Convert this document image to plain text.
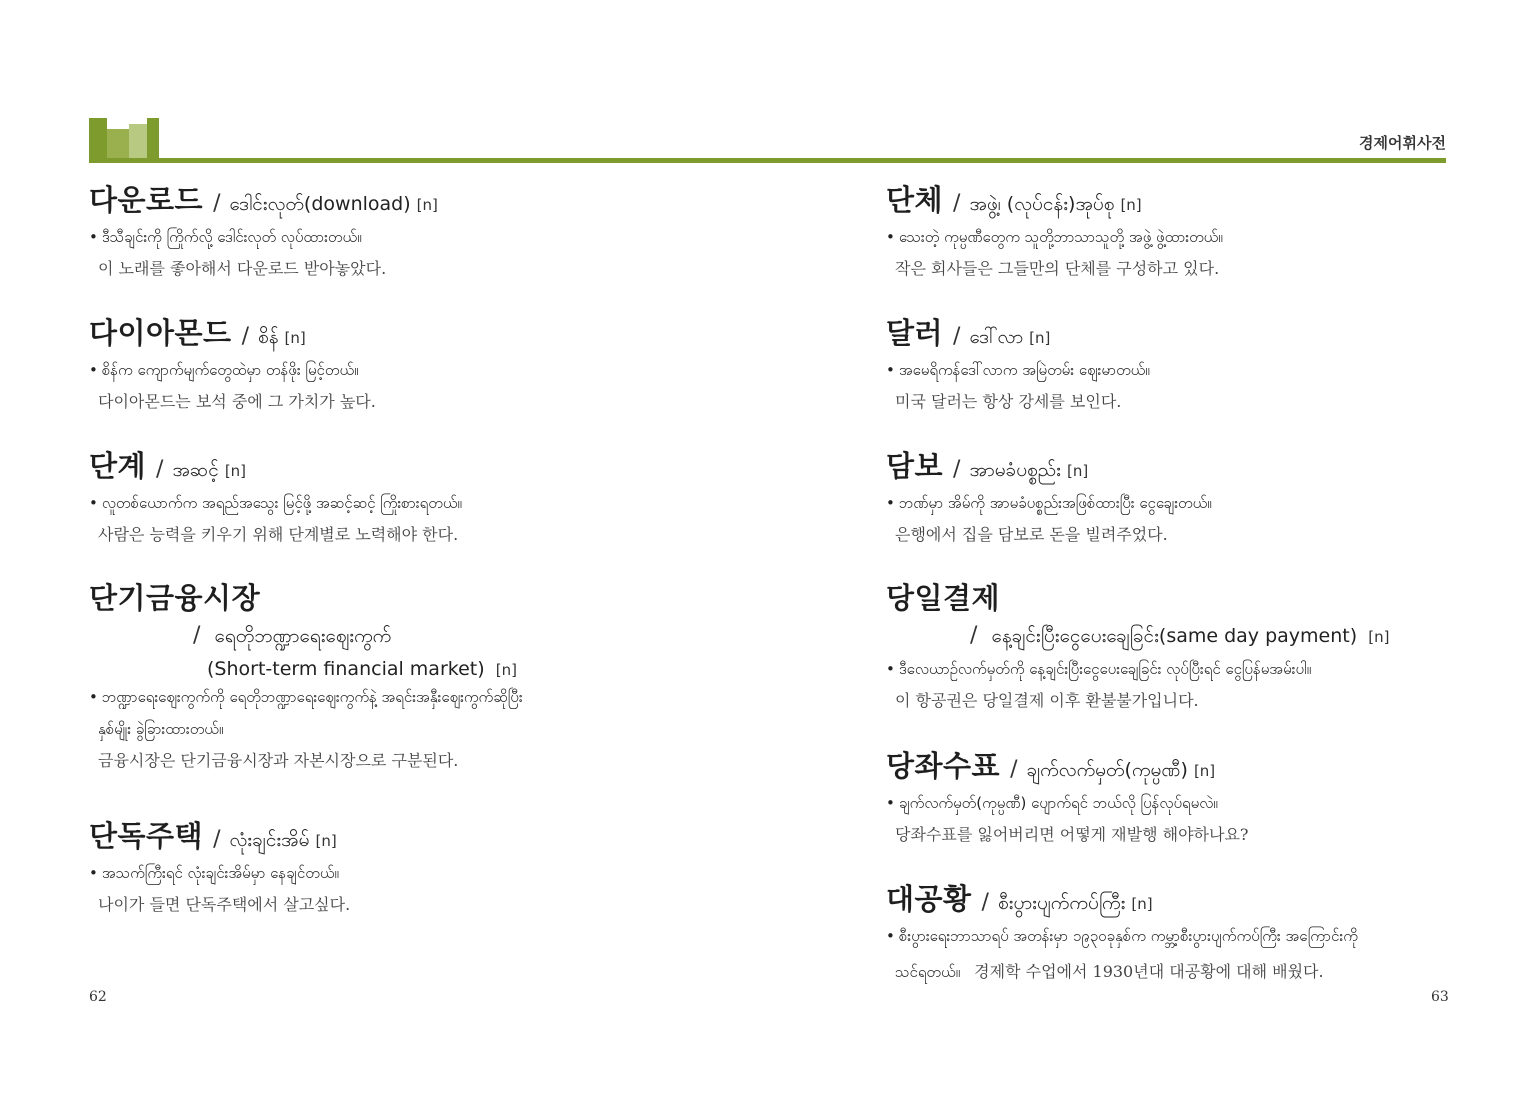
경제어휘사전
다운로드 / ဒေါင်းလုတ်(download) [n]
• ဒီသီချင်းကို ကြိုက်လို့ ဒေါင်းလုတ် လုပ်ထားတယ်။
이 노래를 좋아해서 다운로드 받아놓았다.
다이아몬드 / စိန် [n]
• စိန်က ကျောက်မျက်တွေထဲမှာ တန်ဖိုး မြင့်တယ်။
다이아몬드는 보석 중에 그 가치가 높다.
단계 / အဆင့် [n]
• လူတစ်ယောက်က အရည်အသွေး မြင့်ဖို့ အဆင့်ဆင့် ကြိုးစားရတယ်။
사람은 능력을 키우기 위해 단계별로 노력해야 한다.
단기금융시장
/ ရေတိုဘဏ္ဍာရေးဈေးကွက်
(Short-term financial market) [n]
• ဘဏ္ဍာရေးဈေးကွက်ကို ရေတိုဘဏ္ဍာရေးဈေးကွက်နဲ့ အရင်းအနှီးဈေးကွက်ဆိုပြီး
နှစ်မျိုး ခွဲခြားထားတယ်။
금융시장은 단기금융시장과 자본시장으로 구분된다.
단독주택 / လုံးချင်းအိမ် [n]
• အသက်ကြီးရင် လုံးချင်းအိမ်မှာ နေချင်တယ်။
나이가 들면 단독주택에서 살고싶다.
단체 / အဖွဲ့၊ (လုပ်ငန်း)အုပ်စု [n]
• သေးတဲ့ ကုမ္ပဏီတွေက သူတို့ဘာသာသူတို့ အဖွဲ့ ဖွဲ့ထားတယ်။
작은 회사들은 그들만의 단체를 구성하고 있다.
달러 / ဒေါ်လာ [n]
• အမေရိကန်ဒေါ်လာက အမြဲတမ်း ဈေးမာတယ်။
미국 달러는 항상 강세를 보인다.
담보 / အာမခံပစ္စည်း [n]
• ဘဏ်မှာ အိမ်ကို အာမခံပစ္စည်းအဖြစ်ထားပြီး ငွေချေးတယ်။
은행에서 집을 담보로 돈을 빌려주었다.
당일결제
/ နေ့ချင်းပြီးငွေပေးချေခြင်း(same day payment) [n]
• ဒီလေယာဉ်လက်မှတ်ကို နေ့ချင်းပြီးငွေပေးချေခြင်း လုပ်ပြီးရင် ငွေပြန်မအမ်းပါ။
이 항공권은 당일결제 이후 환불불가입니다.
당좌수표 / ချက်လက်မှတ်(ကုမ္ပဏီ) [n]
• ချက်လက်မှတ်(ကုမ္ပဏီ) ပျောက်ရင် ဘယ်လို ပြန်လုပ်ရမလဲ။
당좌수표를 잃어버리면 어떻게 재발행 해야하나요?
대공황 / စီးပွားပျက်ကပ်ကြီး [n]
• စီးပွားရေးဘာသာရပ် အတန်းမှာ ၁၉၃၀ခုနှစ်က ကမ္ဘာ့စီးပွားပျက်ကပ်ကြီး အကြောင်းကို
သင်ရတယ်။ 경제학 수업에서 1930년대 대공황에 대해 배웠다.
62	63
